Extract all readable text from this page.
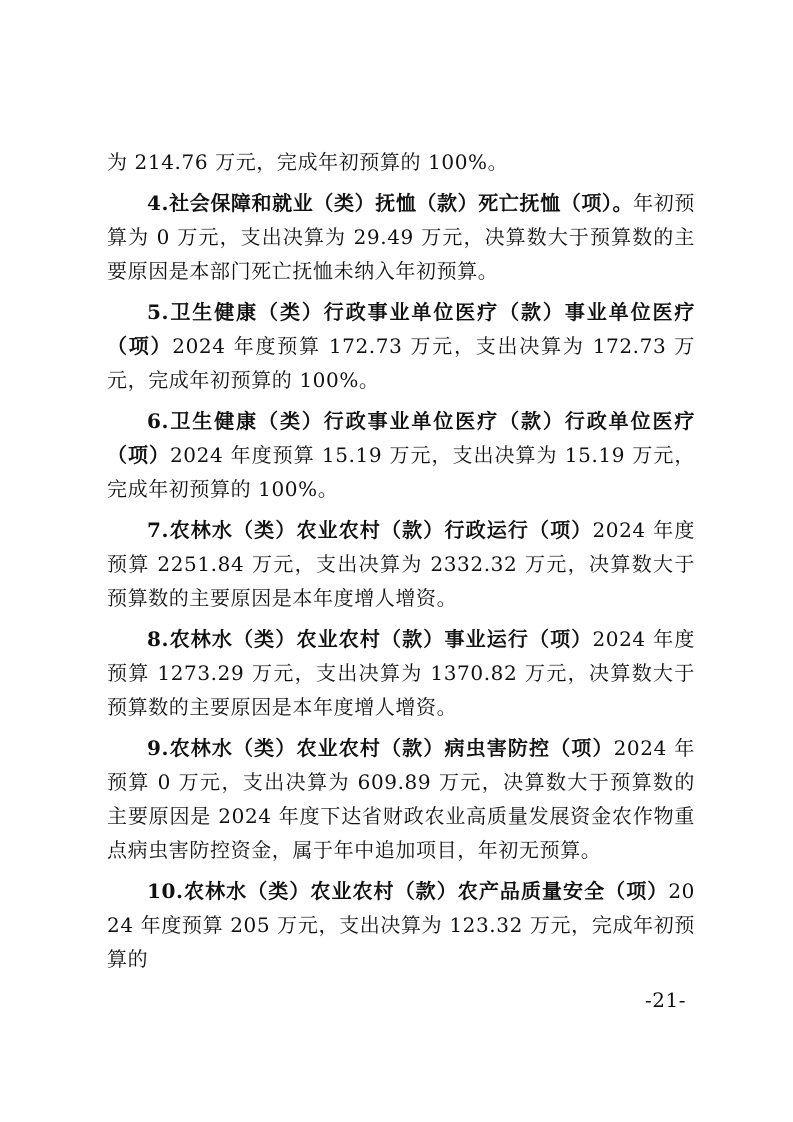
为 214.76 万元，完成年初预算的 100%。

4.社会保障和就业（类）抚恤（款）死亡抚恤（项）。年初预算为 0 万元，支出决算为 29.49 万元，决算数大于预算数的主要原因是本部门死亡抚恤未纳入年初预算。

5.卫生健康（类）行政事业单位医疗（款）事业单位医疗（项）2024 年度预算 172.73 万元，支出决算为 172.73 万元，完成年初预算的 100%。

6.卫生健康（类）行政事业单位医疗（款）行政单位医疗（项）2024 年度预算 15.19 万元，支出决算为 15.19 万元，完成年初预算的 100%。

7.农林水（类）农业农村（款）行政运行（项）2024 年度预算 2251.84 万元，支出决算为 2332.32 万元，决算数大于预算数的主要原因是本年度增人增资。

8.农林水（类）农业农村（款）事业运行（项）2024 年度预算 1273.29 万元，支出决算为 1370.82 万元，决算数大于预算数的主要原因是本年度增人增资。

9.农林水（类）农业农村（款）病虫害防控（项）2024 年预算 0 万元，支出决算为 609.89 万元，决算数大于预算数的主要原因是 2024 年度下达省财政农业高质量发展资金农作物重点病虫害防控资金，属于年中追加项目，年初无预算。

10.农林水（类）农业农村（款）农产品质量安全（项）2024 年度预算 205 万元，支出决算为 123.32 万元，完成年初预算的

-21-
